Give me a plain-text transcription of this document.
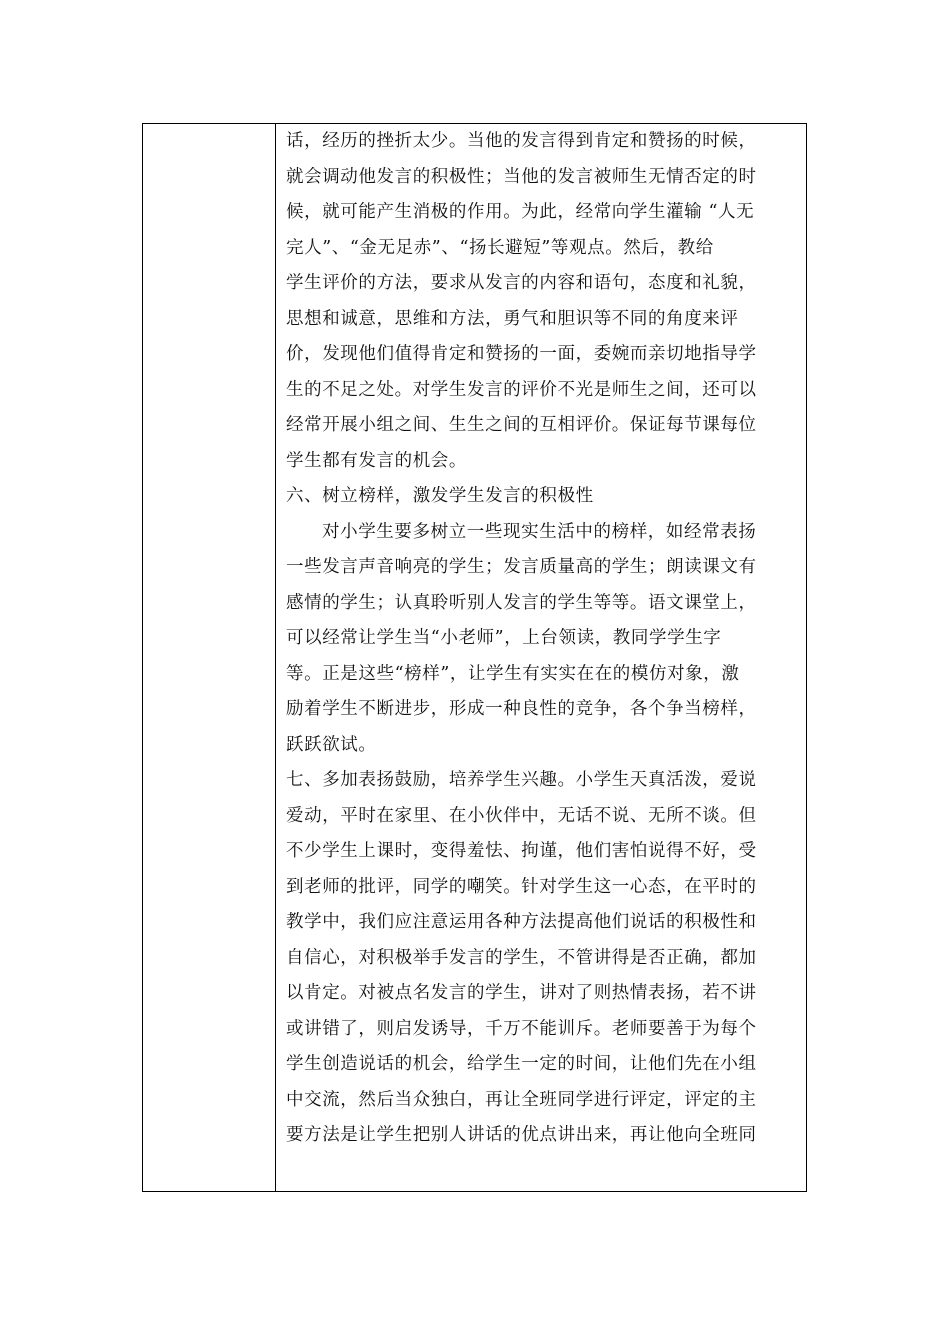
话，经历的挫折太少。当他的发言得到肯定和赞扬的时候，
就会调动他发言的积极性；当他的发言被师生无情否定的时
候，就可能产生消极的作用。为此，经常向学生灌输 “人无
完人”、“金无足赤”、“扬长避短”等观点。然后，教给
学生评价的方法，要求从发言的内容和语句，态度和礼貌，
思想和诚意，思维和方法，勇气和胆识等不同的角度来评
价，发现他们值得肯定和赞扬的一面，委婉而亲切地指导学
生的不足之处。对学生发言的评价不光是师生之间，还可以
经常开展小组之间、生生之间的互相评价。保证每节课每位
学生都有发言的机会。
六、树立榜样，激发学生发言的积极性
对小学生要多树立一些现实生活中的榜样，如经常表扬
一些发言声音响亮的学生；发言质量高的学生；朗读课文有
感情的学生；认真聆听别人发言的学生等等。语文课堂上，
可以经常让学生当“小老师”，上台领读，教同学学生字
等。正是这些“榜样”，让学生有实实在在的模仿对象，激
励着学生不断进步，形成一种良性的竞争，各个争当榜样，
跃跃欲试。
七、多加表扬鼓励，培养学生兴趣。小学生天真活泼，爱说
爱动，平时在家里、在小伙伴中，无话不说、无所不谈。但
不少学生上课时，变得羞怯、拘谨，他们害怕说得不好，受
到老师的批评，同学的嘲笑。针对学生这一心态，在平时的
教学中，我们应注意运用各种方法提高他们说话的积极性和
自信心，对积极举手发言的学生，不管讲得是否正确，都加
以肯定。对被点名发言的学生，讲对了则热情表扬，若不讲
或讲错了，则启发诱导，千万不能训斥。老师要善于为每个
学生创造说话的机会，给学生一定的时间，让他们先在小组
中交流，然后当众独白，再让全班同学进行评定，评定的主
要方法是让学生把别人讲话的优点讲出来，再让他向全班同
